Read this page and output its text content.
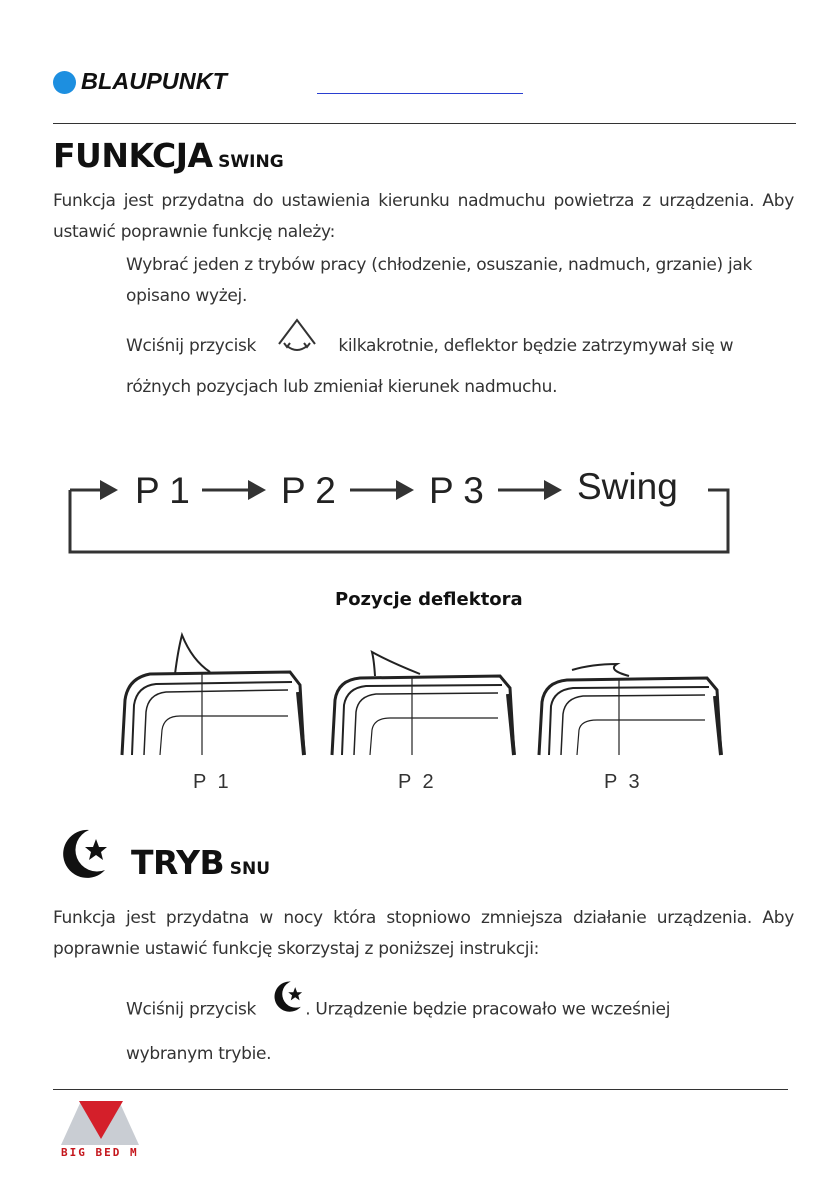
BLAUPUNKT
FUNKCJA SWING
Funkcja jest przydatna do ustawienia kierunku nadmuchu powietrza z urządzenia. Aby ustawić poprawnie funkcję należy:
Wybrać jeden z trybów pracy (chłodzenie, osuszanie, nadmuch, grzanie) jak opisano wyżej.
Wciśnij przycisk	kilkakrotnie, deflektor będzie zatrzymywał się w
różnych pozycjach lub zmieniał kierunek nadmuchu.
P 1 P 2	P 3	Swing
Pozycje deflektora
P 1	P 2	P 3
TRYB SNU
Funkcja jest przydatna w nocy która stopniowo zmniejsza działanie urządzenia. Aby poprawnie ustawić funkcję skorzystaj z poniższej instrukcji:
Wciśnij przycisk	. Urządzenie będzie pracowało we wcześniej
wybranym trybie.
BIG BED M
